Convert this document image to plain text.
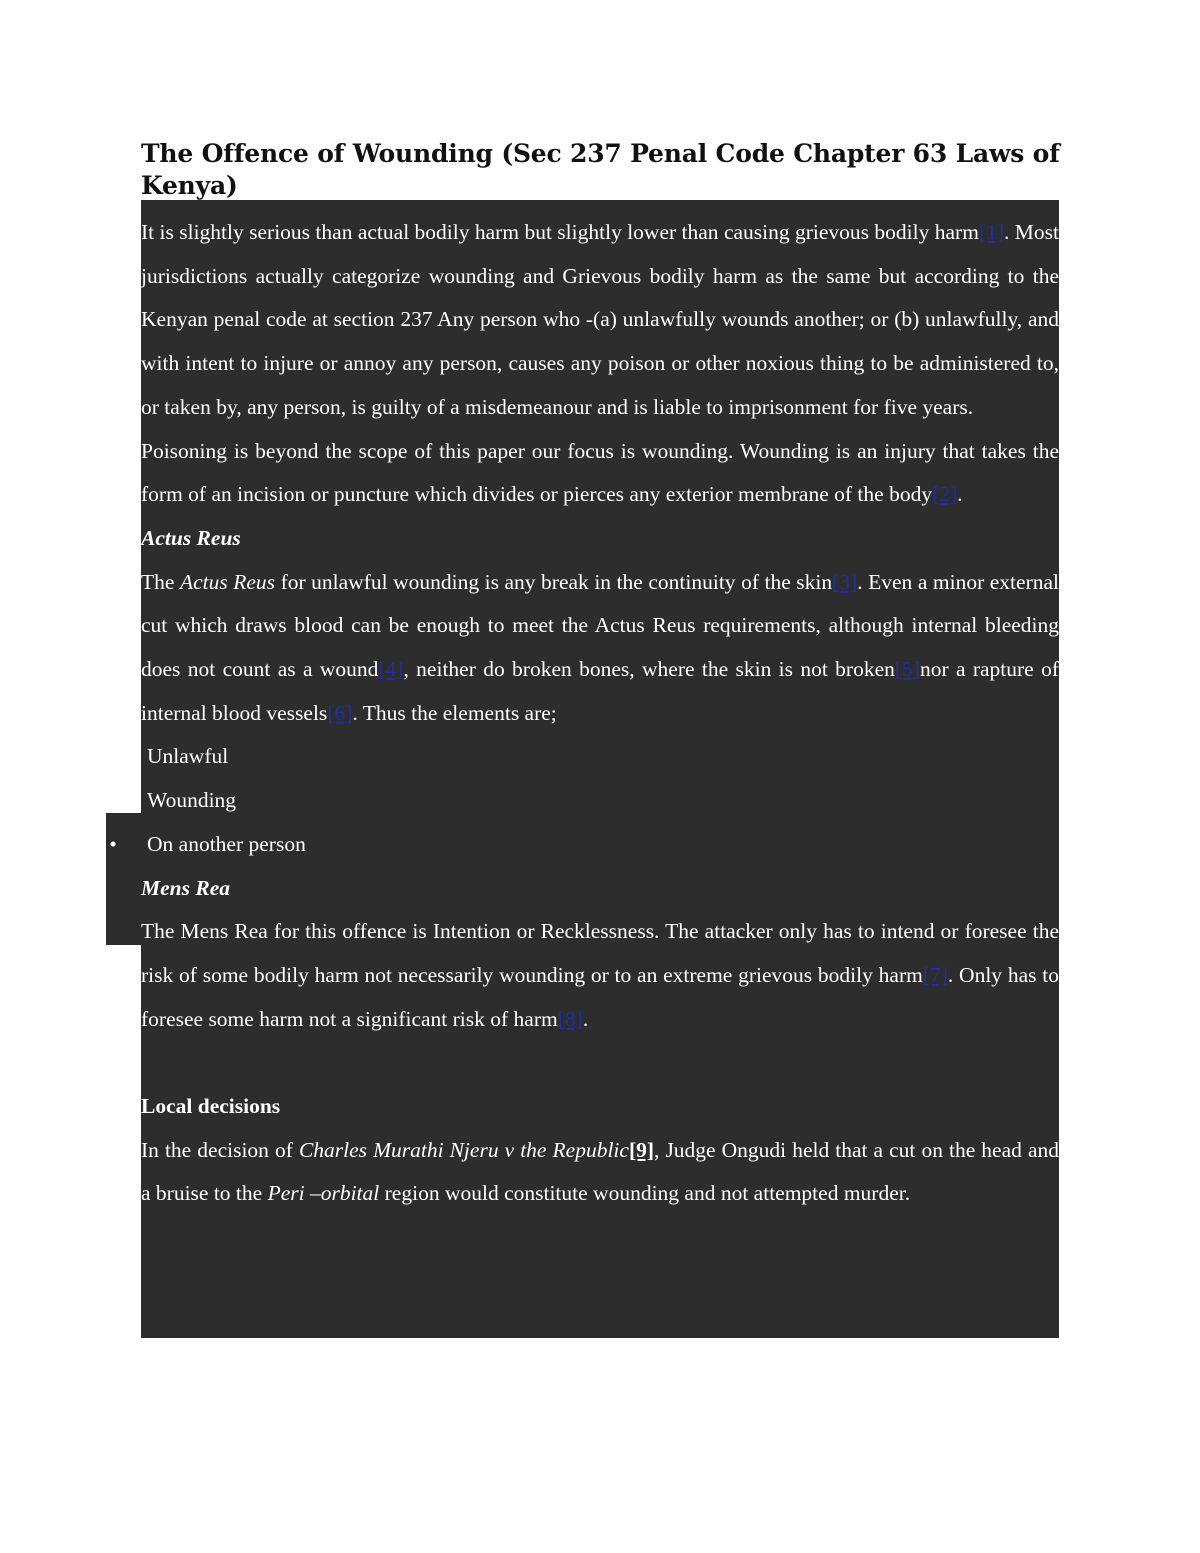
The Offence of Wounding (Sec 237 Penal Code Chapter 63 Laws of Kenya)

It is slightly serious than actual bodily harm but slightly lower than causing grievous bodily harm[1]. Most jurisdictions actually categorize wounding and Grievous bodily harm as the same but according to the Kenyan penal code at section 237 Any person who -(a) unlawfully wounds another; or (b) unlawfully, and with intent to injure or annoy any person, causes any poison or other noxious thing to be administered to, or taken by, any person, is guilty of a misdemeanour and is liable to imprisonment for five years.

Poisoning is beyond the scope of this paper our focus is wounding. Wounding is an injury that takes the form of an incision or puncture which divides or pierces any exterior membrane of the body[2].

Actus Reus

The Actus Reus for unlawful wounding is any break in the continuity of the skin[3]. Even a minor external cut which draws blood can be enough to meet the Actus Reus requirements, although internal bleeding does not count as a wound[4], neither do broken bones, where the skin is not broken[5]nor a rapture of internal blood vessels[6]. Thus the elements are;

• Unlawful
• Wounding
• On another person

Mens Rea

The Mens Rea for this offence is Intention or Recklessness. The attacker only has to intend or foresee the risk of some bodily harm not necessarily wounding or to an extreme grievous bodily harm[7]. Only has to foresee some harm not a significant risk of harm[8].

Local decisions

In the decision of Charles Murathi Njeru v the Republic[9], Judge Ongudi held that a cut on the head and a bruise to the Peri –orbital region would constitute wounding and not attempted murder.
